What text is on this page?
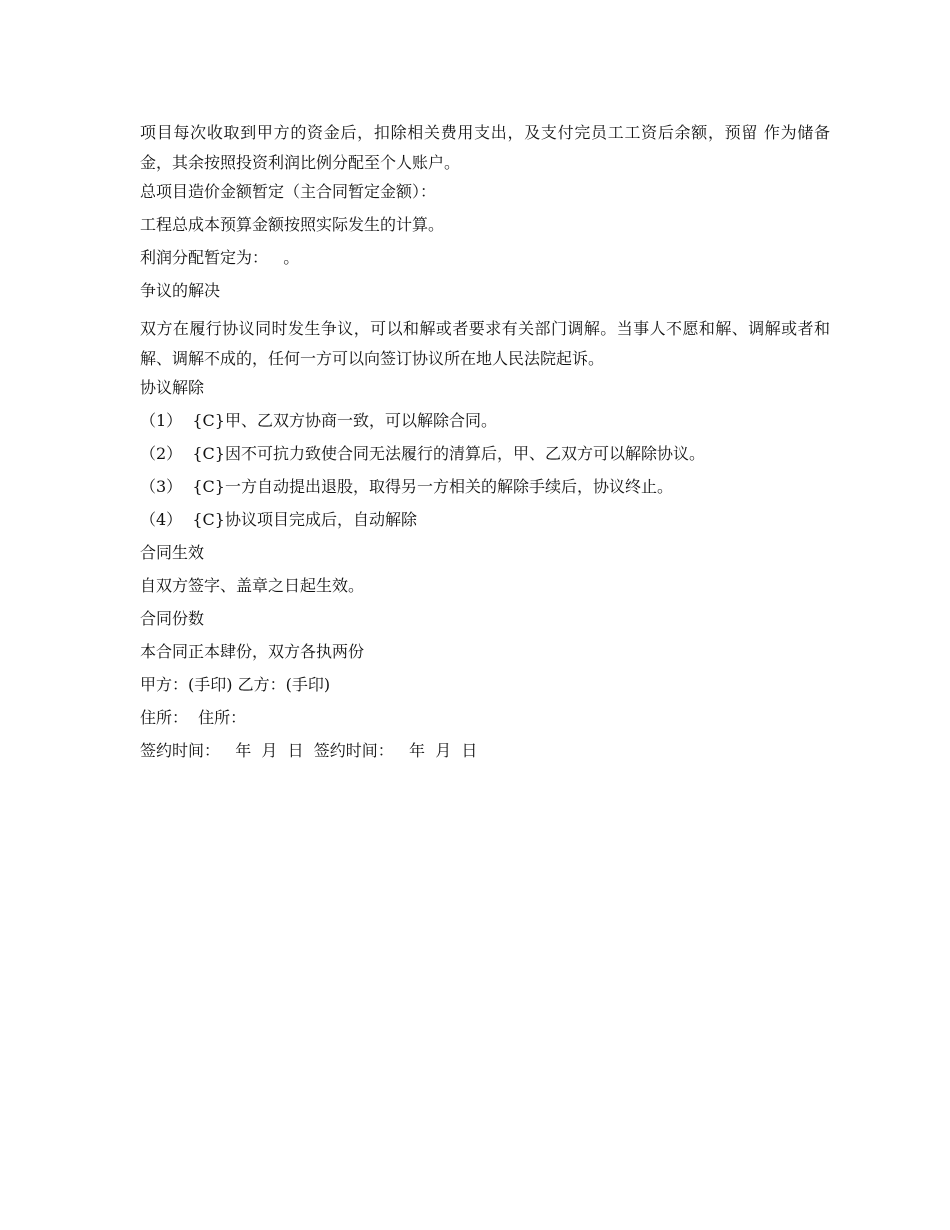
项目每次收取到甲方的资金后，扣除相关费用支出，及支付完员工工资后余额，预留 作为储备金，其余按照投资利润比例分配至个人账户。

总项目造价金额暂定（主合同暂定金额）：

工程总成本预算金额按照实际发生的计算。

利润分配暂定为：   。

争议的解决

双方在履行协议同时发生争议，可以和解或者要求有关部门调解。当事人不愿和解、调解或者和解、调解不成的，任何一方可以向签订协议所在地人民法院起诉。

协议解除

（1）  {C}甲、乙双方协商一致，可以解除合同。

（2）  {C}因不可抗力致使合同无法履行的清算后，甲、乙双方可以解除协议。

（3）  {C}一方自动提出退股，取得另一方相关的解除手续后，协议终止。

（4）  {C}协议项目完成后，自动解除

合同生效

自双方签字、盖章之日起生效。

合同份数

本合同正本肆份，双方各执两份

甲方：(手印) 乙方：(手印)

住所：  住所：

签约时间：   年  月  日  签约时间：   年  月  日
